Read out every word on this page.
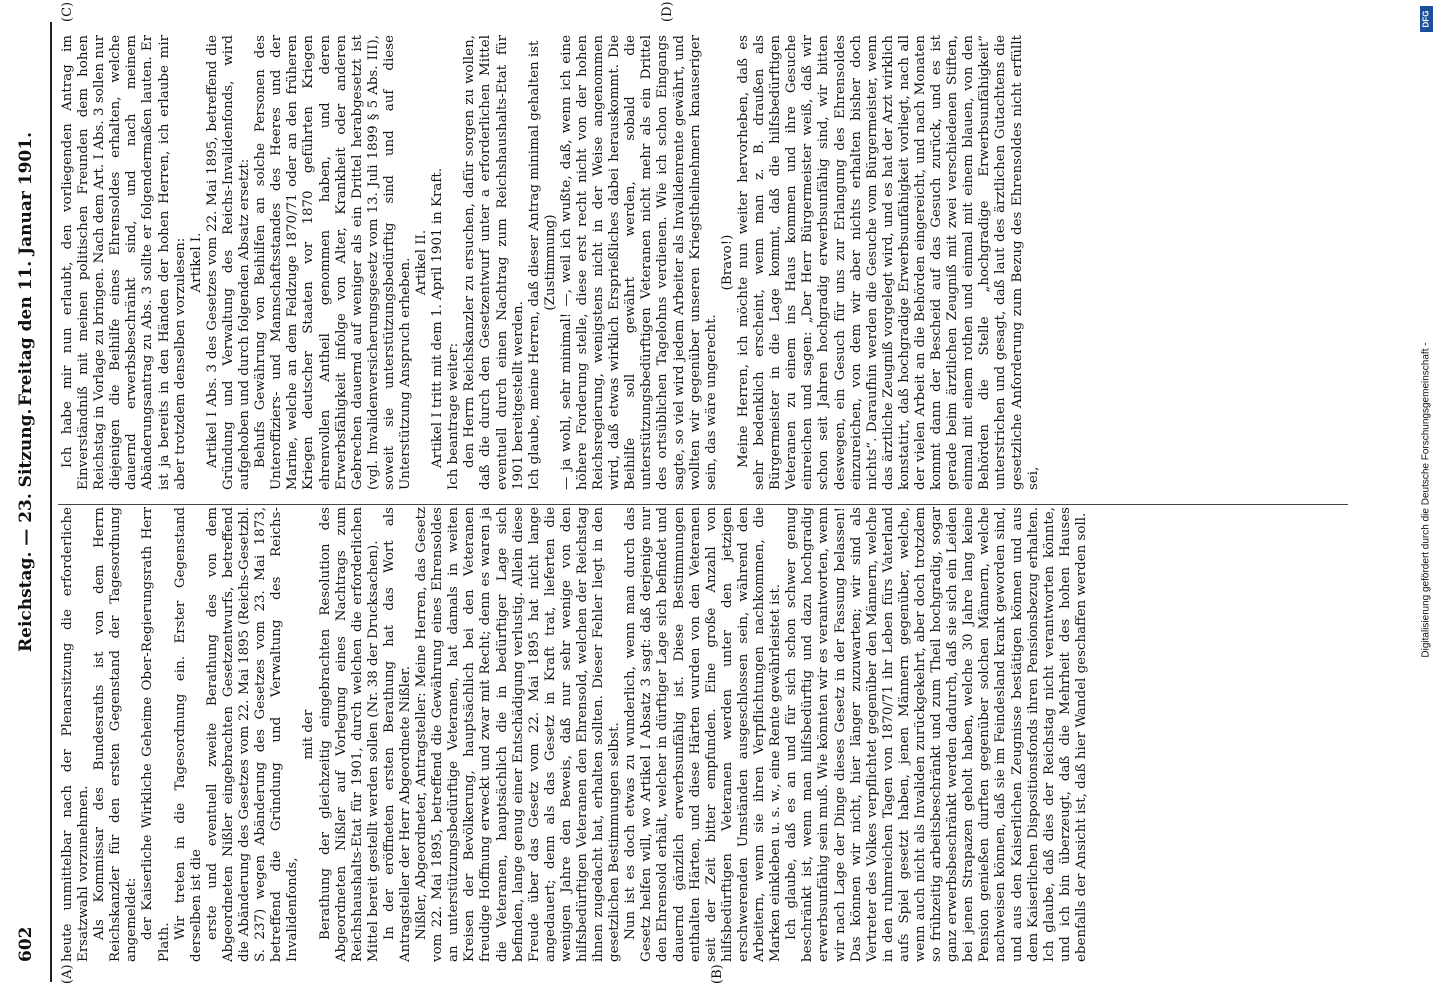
602
Reichstag. — 23. Sitzung.
Freitag den 11. Januar 1901.
(A)	(B)
(C)	(D)

heute unmittelbar nach der Plenarsitzung die erforderliche Ersatzwahl vorzunehmen. Als Kommissar des Bundesraths ist von dem Herrn Reichskanzler für den ersten Gegenstand der Tagesordnung angemeldet: der Kaiserliche Wirkliche Geheime Ober-Regierungsrath Herr Plath.

Wir treten in die Tagesordnung ein. Erster Gegenstand derselben ist die erste und eventuell zweite Berathung des von dem Abgeordneten Nißler eingebrachten Gesetzentwurfs, betreffend die Abänderung des Gesetzes vom 22. Mai 1895 (Reichs-Gesetzbl. S. 237) wegen Abänderung des Gesetzes vom 23. Mai 1873, betreffend die Gründung und Verwaltung des Reichs-Invalidenfonds,

mit der Berathung der gleichzeitig eingebrachten Resolution des Abgeordneten Nißler auf Vorlegung eines Nachtrags zum Reichshaushalts-Etat für 1901, durch welchen die erforderlichen Mittel bereit gestellt werden sollen (Nr. 38 der Drucksachen). In der eröffneten ersten Berathung hat das Wort als Antragsteller der Herr Abgeordnete Nißler. Nißler, Abgeordneter, Antragsteller: Meine Herren, das Gesetz vom 22. Mai 1895, betreffend die Gewährung eines Ehrensoldes an unterstützungsbedürftige Veteranen, hat damals in weiten Kreisen der Bevölkerung, hauptsächlich bei den Veteranen freudige Hoffnung erweckt und zwar mit Recht; denn es waren ja die Veteranen, hauptsächlich die in bedürftiger Lage sich befinden, lange genug einer Entschädigung verlustig. Allein diese Freude über das Gesetz vom 22. Mai 1895 hat nicht lange angedauert; denn als das Gesetz in Kraft trat, lieferten die wenigen Jahre den Beweis, daß nur sehr wenige von den hilfsbedürftigen Veteranen den Ehrensold, welchen der Reichstag ihnen zugedacht hat, erhalten sollten. Dieser Fehler liegt in den gesetzlichen Bestimmungen selbst. Nun ist es doch etwas zu wunderlich, wenn man durch das Gesetz helfen will, wo Artikel I Absatz 3 sagt: daß derjenige nur den Ehrensold erhält, welcher in dürftiger Lage sich befindet und dauernd gänzlich erwerbsunfähig ist. Diese Bestimmungen enthalten Härten, und diese Härten wurden von den Veteranen seit der Zeit bitter empfunden. Eine große Anzahl von hilfsbedürftigen Veteranen werden unter den jetzigen erschwerenden Umständen ausgeschlossen sein, während den Arbeitern, wenn sie ihren Verpflichtungen nachkommen, die Marken einkleben u. s. w., eine Rente gewährleistet ist. Ich glaube, daß es an und für sich schon schwer genug beschränkt ist, wenn man hilfsbedürftig und dazu hochgradig erwerbsunfähig sein muß. Wie könnten wir es verantworten, wenn wir nach Lage der Dinge dieses Gesetz in der Fassung belassen! Das können wir nicht, hier länger zuzuwarten; wir sind als Vertreter des Volkes verpflichtet gegenüber den Männern, welche in den ruhmreichen Tagen von 1870/71 ihr Leben fürs Vaterland aufs Spiel gesetzt haben, jenen Männern gegenüber, welche, wenn auch nicht als Invaliden zurückgekehrt, aber doch trotzdem so frühzeitig arbeitsbeschränkt und zum Theil hochgradig, sogar ganz erwerbsbeschränkt werden dadurch, daß sie sich ein Leiden bei jenen Strapazen geholt haben, welche 30 Jahre lang keine Pension genießen durften gegenüber solchen Männern, welche nachweisen können, daß sie im Feindesland krank geworden sind, und aus den Kaiserlichen Zeugnisse bestätigen können und aus dem Kaiserlichen Dispositionsfonds ihren Pensionsbezug erhalten. Ich glaube, daß dies der Reichstag nicht verantworten könnte, und ich bin überzeugt, daß die Mehrheit des hohen Hauses ebenfalls der Ansicht ist, daß hier Wandel geschaffen werden soll.

Ich habe mir nun erlaubt, den vorliegenden Antrag im Einverständniß mit meinen politischen Freunden dem hohen Reichstag in Vorlage zu bringen. Nach dem Art. I Abs. 3 sollen nur diejenigen die Beihilfe eines Ehrensoldes erhalten, welche dauernd erwerbsbeschränkt sind, und nach meinem Abänderungsantrag zu Abs. 3 sollte er folgendermaßen lauten. Er ist ja bereits in den Händen der hohen Herren, ich erlaube mir aber trotzdem denselben vorzulesen: Artikel I. Artikel I Abs. 3 des Gesetzes vom 22. Mai 1895, betreffend die Gründung und Verwaltung des Reichs-Invalidenfonds, wird aufgehoben und durch folgenden Absatz ersetzt: Behufs Gewährung von Beihilfen an solche Personen des Unteroffiziers- und Mannschaftsstandes des Heeres und der Marine, welche an dem Feldzuge 1870/71 oder an den früheren Kriegen deutscher Staaten vor 1870 geführten Kriegen ehrenvollen Antheil genommen haben, und deren Erwerbsfähigkeit infolge von Alter, Krankheit oder anderen Gebrechen dauernd auf weniger als ein Drittel herabgesetzt ist (vgl. Invalidenversicherungsgesetz vom 13. Juli 1899 § 5 Abs. III), soweit sie unterstützungsbedürftig sind und auf diese Unterstützung Anspruch erheben. Artikel II. Artikel I tritt mit dem 1. April 1901 in Kraft. Ich beantrage weiter: den Herrn Reichskanzler zu ersuchen, dafür sorgen zu wollen, daß die durch den Gesetzentwurf unter a erforderlichen Mittel eventuell durch einen Nachtrag zum Reichshaushalts-Etat für 1901 bereitgestellt werden. Ich glaube, meine Herren, daß dieser Antrag minimal gehalten ist (Zustimmung) — ja wohl, sehr minimal! —, weil ich wußte, daß, wenn ich eine höhere Forderung stelle, diese erst recht nicht von der hohen Reichsregierung, wenigstens nicht in der Weise angenommen wird, daß etwas wirklich Ersprießliches dabei herauskommt. Die Beihilfe soll gewährt werden, sobald die unterstützungsbedürftigen Veteranen nicht mehr als ein Drittel des ortsüblichen Tagelohns verdienen. Wie ich schon Eingangs sagte, so viel wird jedem Arbeiter als Invalidenrente gewährt, und wollten wir gegenüber unseren Kriegstheilnehmern knauseriger sein, das wäre ungerecht.

(Bravo!) Meine Herren, ich möchte nun weiter hervorheben, daß es sehr bedenklich erscheint, wenn man z. B. draußen als Bürgermeister in die Lage kommt, daß die hilfsbedürftigen Veteranen zu einem ins Haus kommen und ihre Gesuche einreichen und sagen: „Der Herr Bürgermeister weiß, daß wir schon seit Jahren hochgradig erwerbsunfähig sind, wir bitten deswegen, ein Gesuch für uns zur Erlangung des Ehrensoldes einzureichen, von dem wir aber nichts erhalten bisher doch nichts“. Daraufhin werden die Gesuche vom Bürgermeister, wenn das ärztliche Zeugniß vorgelegt wird, und es hat der Arzt wirklich konstatirt, daß hochgradige Erwerbsunfähigkeit vorliegt, nach all der vielen Arbeit an die Behörden eingereicht, und nach Monaten kommt dann der Bescheid auf das Gesuch zurück, und es ist gerade beim ärztlichen Zeugniß mit zwei verschiedenen Stiften, einmal mit einem rothen und einmal mit einem blauen, von den Behörden die Stelle „hochgradige Erwerbsunfähigkeit“ unterstrichen und gesagt, daß laut des ärztlichen Gutachtens die gesetzliche Anforderung zum Bezug des Ehrensoldes nicht erfüllt sei,

DFG
Digitalisierung gefördert durch die Deutsche Forschungsgemeinschaft -
